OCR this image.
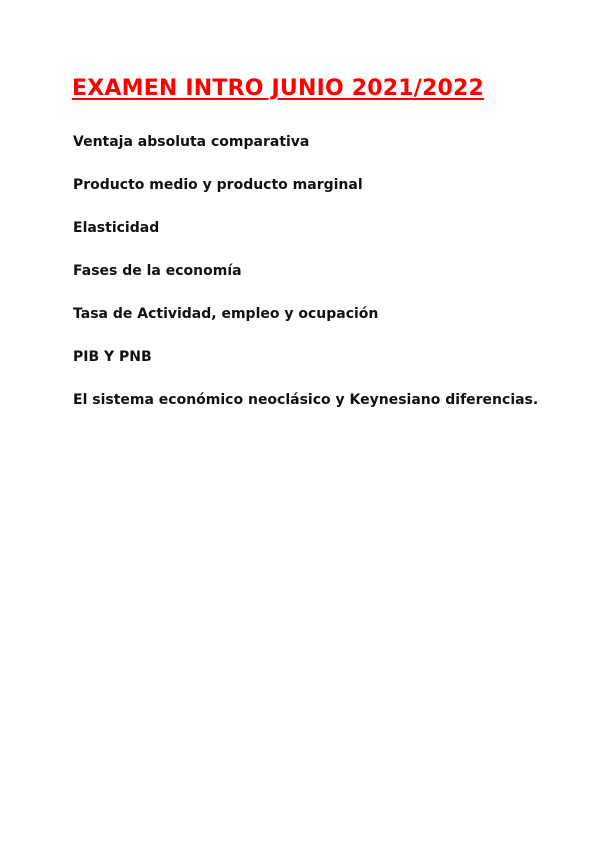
EXAMEN INTRO JUNIO 2021/2022
Ventaja absoluta comparativa
Producto medio y producto marginal
Elasticidad
Fases de la economía
Tasa de Actividad, empleo y ocupación
PIB Y PNB
El sistema económico neoclásico y Keynesiano diferencias.
